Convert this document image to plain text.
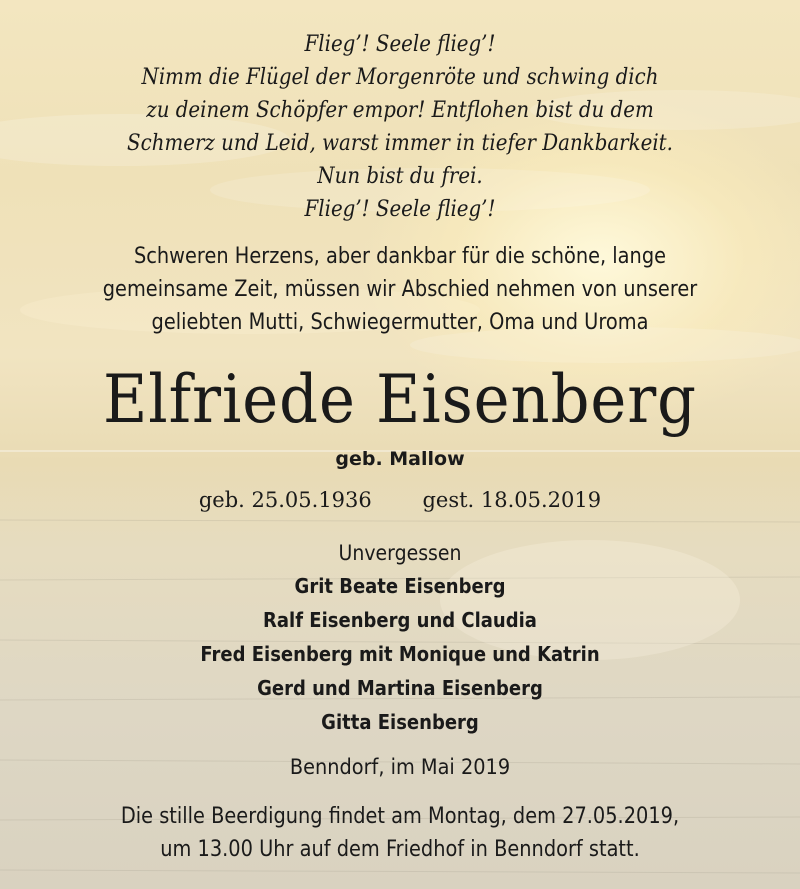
Flieg’! Seele flieg’!
Nimm die Flügel der Morgenröte und schwing dich
zu deinem Schöpfer empor! Entflohen bist du dem
Schmerz und Leid, warst immer in tiefer Dankbarkeit.
Nun bist du frei.
Flieg’! Seele flieg’!
Schweren Herzens, aber dankbar für die schöne, lange
gemeinsame Zeit, müssen wir Abschied nehmen von unserer
geliebten Mutti, Schwiegermutter, Oma und Uroma
Elfriede Eisenberg
geb. Mallow
geb. 25.05.1936 gest. 18.05.2019
Unvergessen
Grit Beate Eisenberg
Ralf Eisenberg und Claudia
Fred Eisenberg mit Monique und Katrin
Gerd und Martina Eisenberg
Gitta Eisenberg
Benndorf, im Mai 2019
Die stille Beerdigung findet am Montag, dem 27.05.2019,
um 13.00 Uhr auf dem Friedhof in Benndorf statt.
